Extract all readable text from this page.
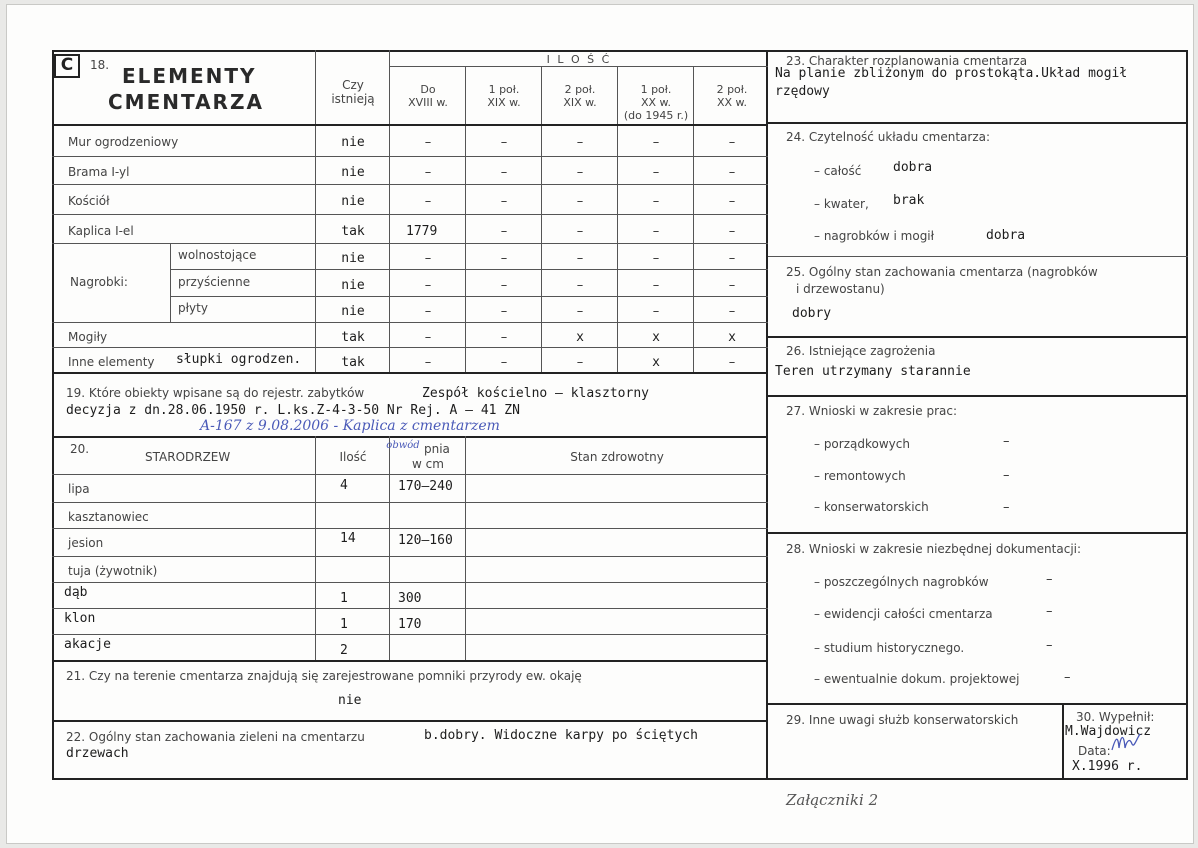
C	18. ELEMENTY
CMENTARZA
Czy
istnieją
I L O Ś Ć
Do
XVIII w.
1 poł.
XIX w.
2 poł.
XIX w.
1 poł.
XX w.
(do 1945 r.)
2 poł.
XX w.
Mur ogrodzeniowy	nie	–	–	–	–	–
Brama I-yl	nie	–	–	–	–	–
Kościół	nie	–	–	–	–	–
Kaplica I-el	tak	1779	–	–	–	–
wolnostojące	nie	–	–	–	–	–
przyścienne	nie	–	–	–	–	–
płyty	nie	–	–	–	–	–
Mogiły	tak	–	–	x	x	x
Inne elementy słupki ogrodzen.	tak	–	–	–	x	–
Nagrobki:
19. Które obiekty wpisane są do rejestr. zabytków	Zespół kościelno – klasztorny
decyzja z dn.28.06.1950 r. L.ks.Z-4-3-50 Nr Rej. A – 41 ZN
A-167 z 9.08.2006 - Kaplica z cmentarzem
20.
STARODRZEW	Ilość
obwód pnia
w cm	Stan zdrowotny
lipa	4	170–240
kasztanowiec
jesion	14	120–160
tuja (żywotnik)
dąb	1	300
klon	1	170
akacje	2
21. Czy na terenie cmentarza znajdują się zarejestrowane pomniki przyrody ew. okaję
nie
22. Ogólny stan zachowania zieleni na cmentarzu	b.dobry. Widoczne karpy po ściętych
drzewach
23. Charakter rozplanowania cmentarza
Na planie zbliżonym do prostokąta.Układ mogił
rzędowy
24. Czytelność układu cmentarza:
– całość dobra
– kwater, brak
– nagrobków i mogił	dobra
25. Ogólny stan zachowania cmentarza (nagrobków
i drzewostanu)
dobry
26. Istniejące zagrożenia
Teren utrzymany starannie
27. Wnioski w zakresie prac:
– porządkowych	–
– remontowych	–
– konserwatorskich	–
28. Wnioski w zakresie niezbędnej dokumentacji:
– poszczególnych nagrobków	–
– ewidencji całości cmentarza	–
– studium historycznego.	–
– ewentualnie dokum. projektowej	–
29. Inne uwagi służb konserwatorskich	30. Wypełnił:
M.Wajdowicz
Data:
X.1996 r.
Załączniki 2
